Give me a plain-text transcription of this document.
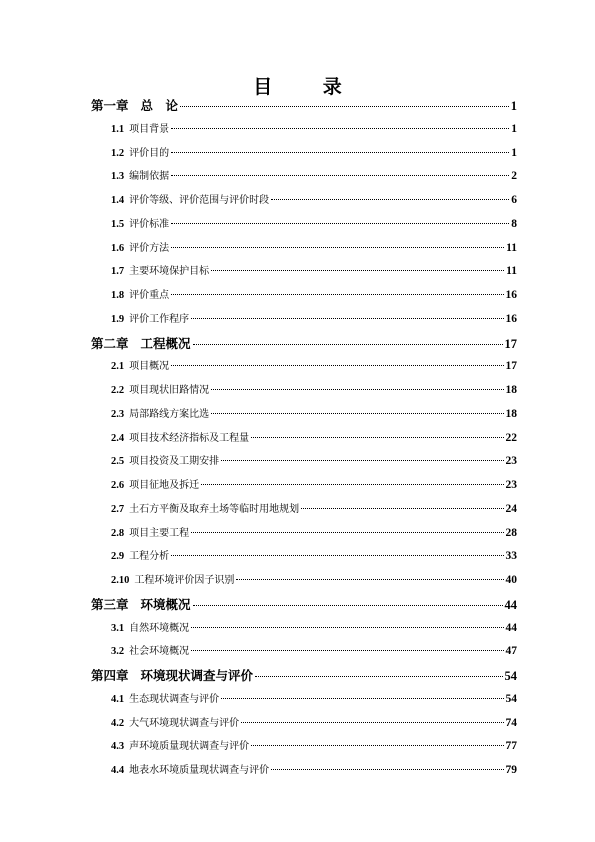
目 录
第一章 总　论	1
1.1 项目背景	1
1.2 评价目的	1
1.3 编制依据	2
1.4 评价等级、评价范围与评价时段	6
1.5 评价标准	8
1.6 评价方法	11
1.7 主要环境保护目标	11
1.8 评价重点	16
1.9 评价工作程序	16
第二章 工程概况	17
2.1 项目概况	17
2.2 项目现状旧路情况	18
2.3 局部路线方案比选	18
2.4 项目技术经济指标及工程量	22
2.5 项目投资及工期安排	23
2.6 项目征地及拆迁	23
2.7 土石方平衡及取弃土场等临时用地规划	24
2.8 项目主要工程	28
2.9 工程分析	33
2.10 工程环境评价因子识别	40
第三章 环境概况	44
3.1 自然环境概况	44
3.2 社会环境概况	47
第四章 环境现状调查与评价	54
4.1 生态现状调查与评价	54
4.2 大气环境现状调查与评价	74
4.3 声环境质量现状调查与评价	77
4.4 地表水环境质量现状调查与评价	79
